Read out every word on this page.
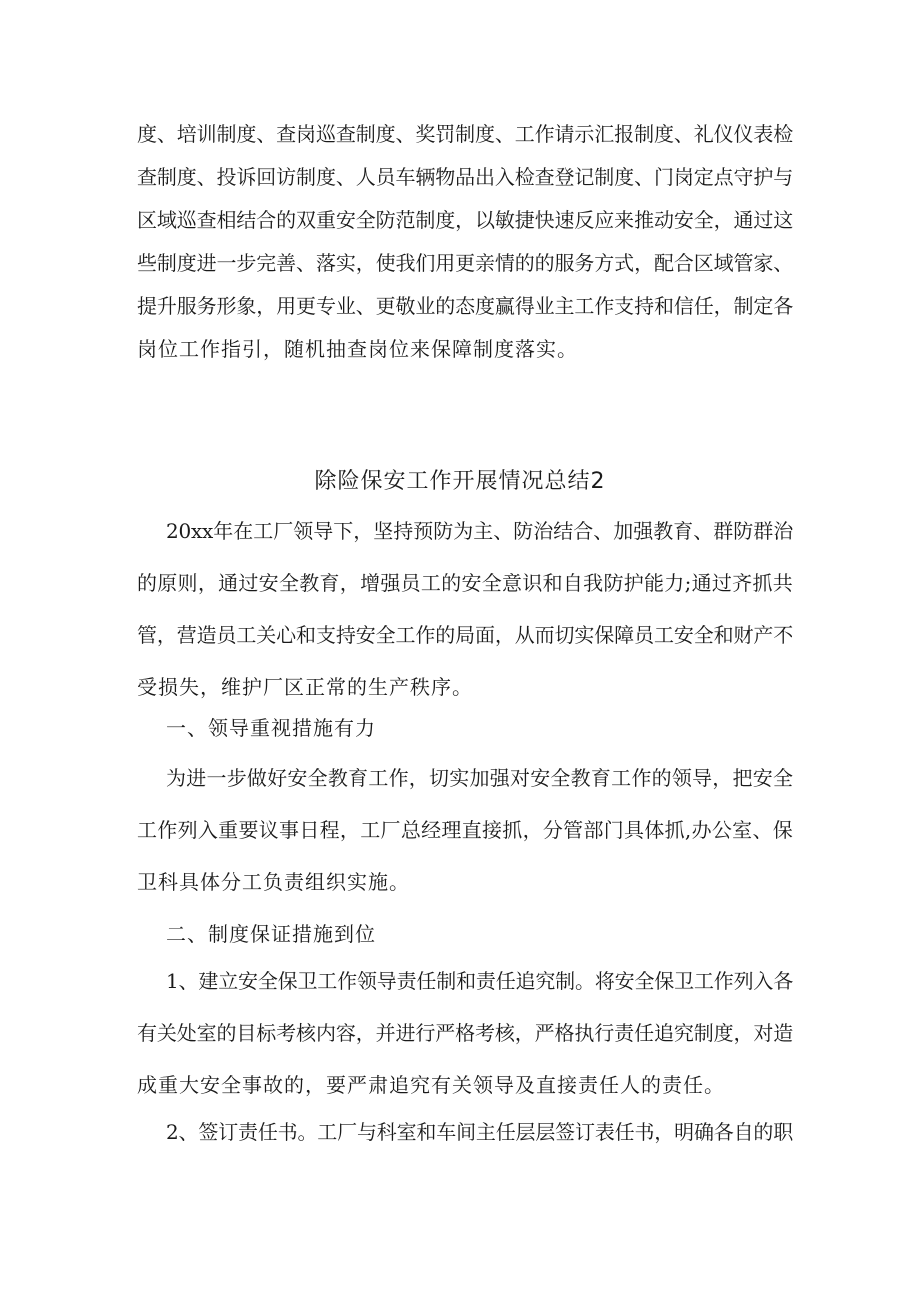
度、培训制度、查岗巡查制度、奖罚制度、工作请示汇报制度、礼仪仪表检
查制度、投诉回访制度、人员车辆物品出入检查登记制度、门岗定点守护与
区域巡查相结合的双重安全防范制度，以敏捷快速反应来推动安全，通过这
些制度进一步完善、落实，使我们用更亲情的的服务方式，配合区域管家、
提升服务形象，用更专业、更敬业的态度赢得业主工作支持和信任，制定各
岗位工作指引，随机抽查岗位来保障制度落实。
除险保安工作开展情况总结2
20xx年在工厂领导下，坚持预防为主、防治结合、加强教育、群防群治
的原则，通过安全教育，增强员工的安全意识和自我防护能力;通过齐抓共
管，营造员工关心和支持安全工作的局面，从而切实保障员工安全和财产不
受损失，维护厂区正常的生产秩序。
一、领导重视措施有力
为进一步做好安全教育工作，切实加强对安全教育工作的领导，把安全
工作列入重要议事日程，工厂总经理直接抓，分管部门具体抓,办公室、保
卫科具体分工负责组织实施。
二、制度保证措施到位
1、建立安全保卫工作领导责任制和责任追究制。将安全保卫工作列入各
有关处室的目标考核内容，并进行严格考核，严格执行责任追究制度，对造
成重大安全事故的，要严肃追究有关领导及直接责任人的责任。
2、签订责任书。工厂与科室和车间主任层层签订表任书，明确各自的职
